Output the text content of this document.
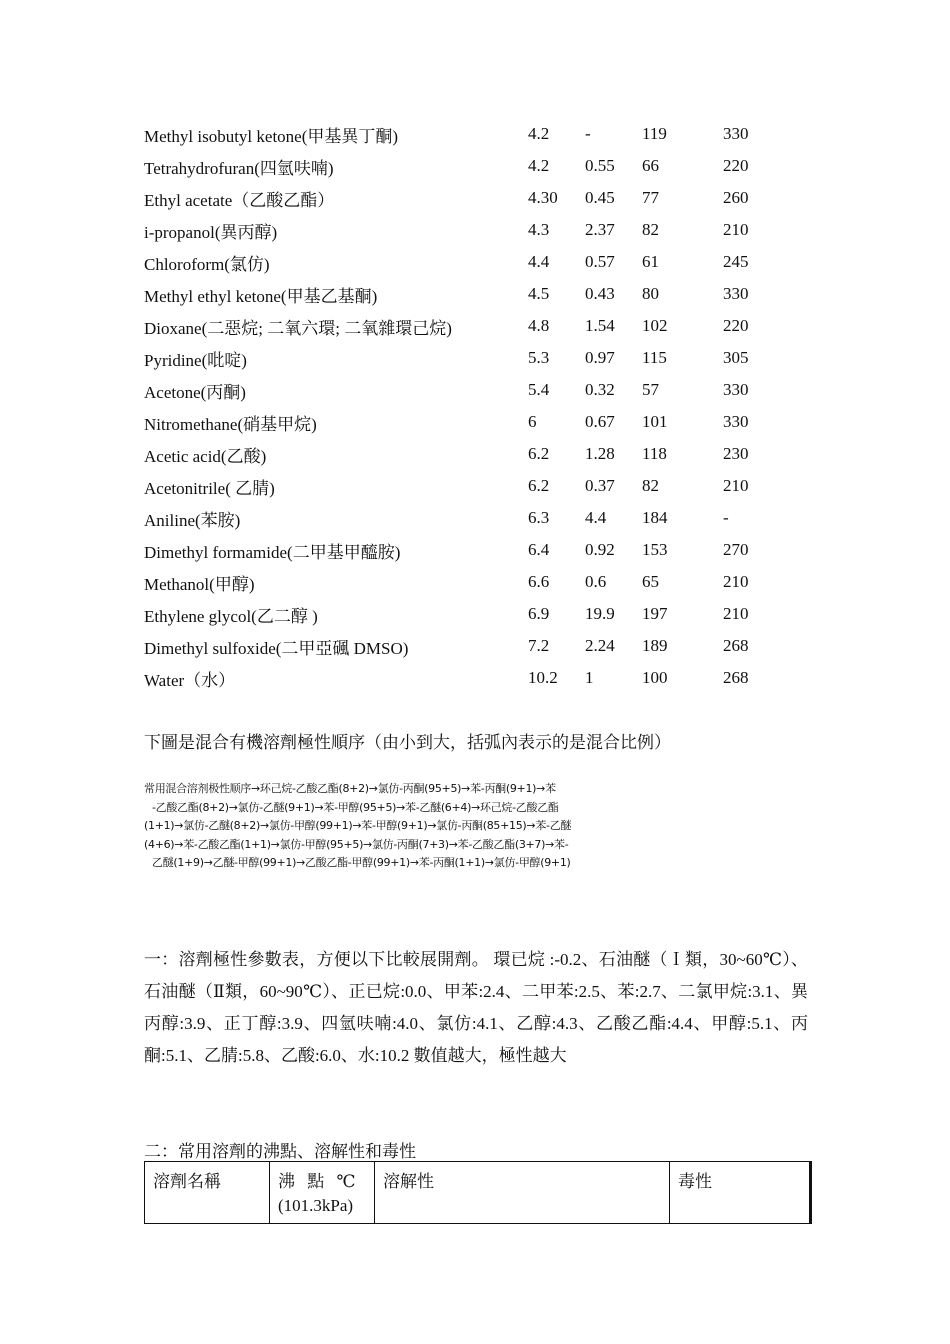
Methyl isobutyl ketone(甲基異丁酮)	4.2	-	119	330
Tetrahydrofuran(四氫呋喃)	4.2	0.55	66	220
Ethyl acetate（乙酸乙酯）	4.30	0.45	77	260
i-propanol(異丙醇)	4.3	2.37	82	210
Chloroform(氯仿)	4.4	0.57	61	245
Methyl ethyl ketone(甲基乙基酮)	4.5	0.43	80	330
Dioxane(二惡烷; 二氧六環; 二氧雜環己烷)	4.8	1.54	102	220
Pyridine(吡啶)	5.3	0.97	115	305
Acetone(丙酮)	5.4	0.32	57	330
Nitromethane(硝基甲烷)	6	0.67	101	330
Acetic acid(乙酸)	6.2	1.28	118	230
Acetonitrile( 乙腈)	6.2	0.37	82	210
Aniline(苯胺)	6.3	4.4	184	-
Dimethyl formamide(二甲基甲醯胺)	6.4	0.92	153	270
Methanol(甲醇)	6.6	0.6	65	210
Ethylene glycol(乙二醇 )	6.9	19.9	197	210
Dimethyl sulfoxide(二甲亞碸 DMSO)	7.2	2.24	189	268
Water（水）	10.2	1	100	268
下圖是混合有機溶劑極性順序（由小到大，括弧內表示的是混合比例）
常用混合溶剂极性顺序→环己烷-乙酸乙酯(8+2)→氯仿-丙酮(95+5)→苯-丙酮(9+1)→苯
-乙酸乙酯(8+2)→氯仿-乙醚(9+1)→苯-甲醇(95+5)→苯-乙醚(6+4)→环己烷-乙酸乙酯
(1+1)→氯仿-乙醚(8+2)→氯仿-甲醇(99+1)→苯-甲醇(9+1)→氯仿-丙酮(85+15)→苯-乙醚
(4+6)→苯-乙酸乙酯(1+1)→氯仿-甲醇(95+5)→氯仿-丙酮(7+3)→苯-乙酸乙酯(3+7)→苯-
乙醚(1+9)→乙醚-甲醇(99+1)→乙酸乙酯-甲醇(99+1)→苯-丙酮(1+1)→氯仿-甲醇(9+1)
一：溶劑極性參數表，方便以下比較展開劑。 環已烷 :-0.2、石油醚（Ｉ類，30~60℃）、石油醚（Ⅱ類，60~90℃）、正已烷:0.0、甲苯:2.4、二甲苯:2.5、苯:2.7、二氯甲烷:3.1、異丙醇:3.9、正丁醇:3.9、四氫呋喃:4.0、氯仿:4.1、乙醇:4.3、乙酸乙酯:4.4、甲醇:5.1、丙酮:5.1、乙腈:5.8、乙酸:6.0、水:10.2 數值越大，極性越大
二：常用溶劑的沸點、溶解性和毒性
溶劑名稱	沸 點 ℃
(101.3kPa)
	溶解性	毒性
